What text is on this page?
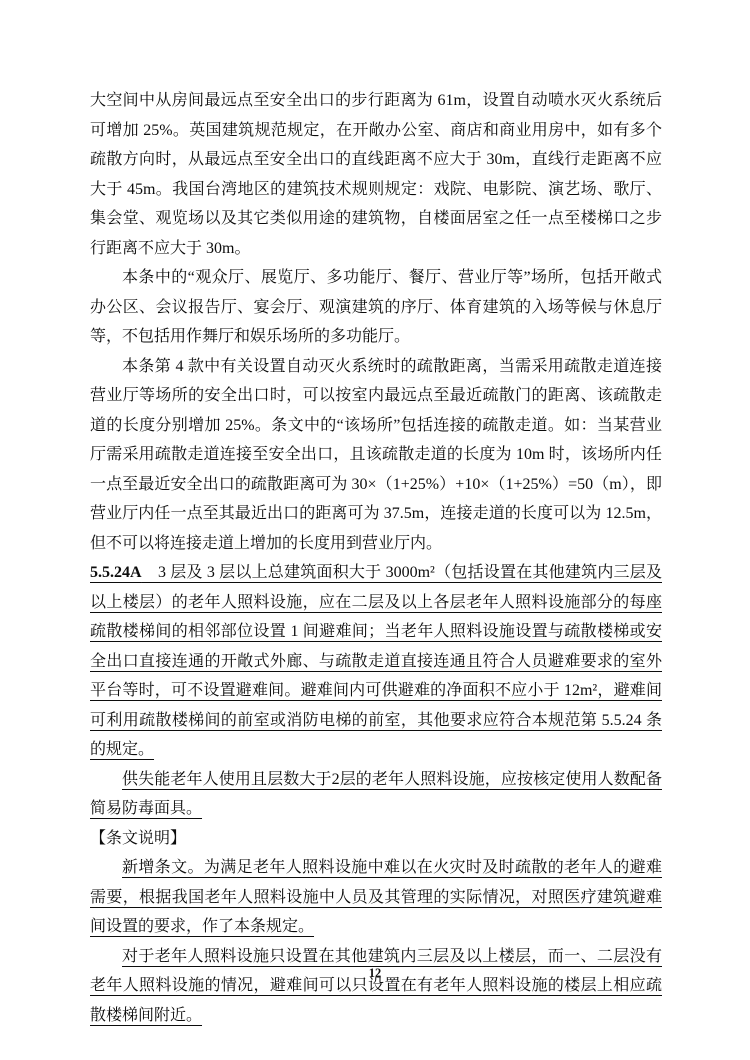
大空间中从房间最远点至安全出口的步行距离为 61m，设置自动喷水灭火系统后可增加 25%。英国建筑规范规定，在开敞办公室、商店和商业用房中，如有多个疏散方向时，从最远点至安全出口的直线距离不应大于 30m，直线行走距离不应大于 45m。我国台湾地区的建筑技术规则规定：戏院、电影院、演艺场、歌厅、集会堂、观览场以及其它类似用途的建筑物，自楼面居室之任一点至楼梯口之步行距离不应大于 30m。

本条中的“观众厅、展览厅、多功能厅、餐厅、营业厅等”场所，包括开敞式办公区、会议报告厅、宴会厅、观演建筑的序厅、体育建筑的入场等候与休息厅等，不包括用作舞厅和娱乐场所的多功能厅。

本条第 4 款中有关设置自动灭火系统时的疏散距离，当需采用疏散走道连接营业厅等场所的安全出口时，可以按室内最远点至最近疏散门的距离、该疏散走道的长度分别增加 25%。条文中的“该场所”包括连接的疏散走道。如：当某营业厅需采用疏散走道连接至安全出口，且该疏散走道的长度为 10m 时，该场所内任一点至最近安全出口的疏散距离可为 30×（1+25%）+10×（1+25%）=50（m），即营业厅内任一点至其最近出口的距离可为 37.5m，连接走道的长度可以为 12.5m，但不可以将连接走道上增加的长度用到营业厅内。

5.5.24A　3 层及 3 层以上总建筑面积大于 3000m²（包括设置在其他建筑内三层及以上楼层）的老年人照料设施，应在二层及以上各层老年人照料设施部分的每座疏散楼梯间的相邻部位设置 1 间避难间；当老年人照料设施设置与疏散楼梯或安全出口直接连通的开敞式外廊、与疏散走道直接连通且符合人员避难要求的室外平台等时，可不设置避难间。避难间内可供避难的净面积不应小于 12m²，避难间可利用疏散楼梯间的前室或消防电梯的前室，其他要求应符合本规范第 5.5.24 条的规定。

供失能老年人使用且层数大于2层的老年人照料设施，应按核定使用人数配备简易防毒面具。

【条文说明】

新增条文。为满足老年人照料设施中难以在火灾时及时疏散的老年人的避难需要，根据我国老年人照料设施中人员及其管理的实际情况，对照医疗建筑避难间设置的要求，作了本条规定。

对于老年人照料设施只设置在其他建筑内三层及以上楼层，而一、二层没有老年人照料设施的情况，避难间可以只设置在有老年人照料设施的楼层上相应疏散楼梯间附近。

12
